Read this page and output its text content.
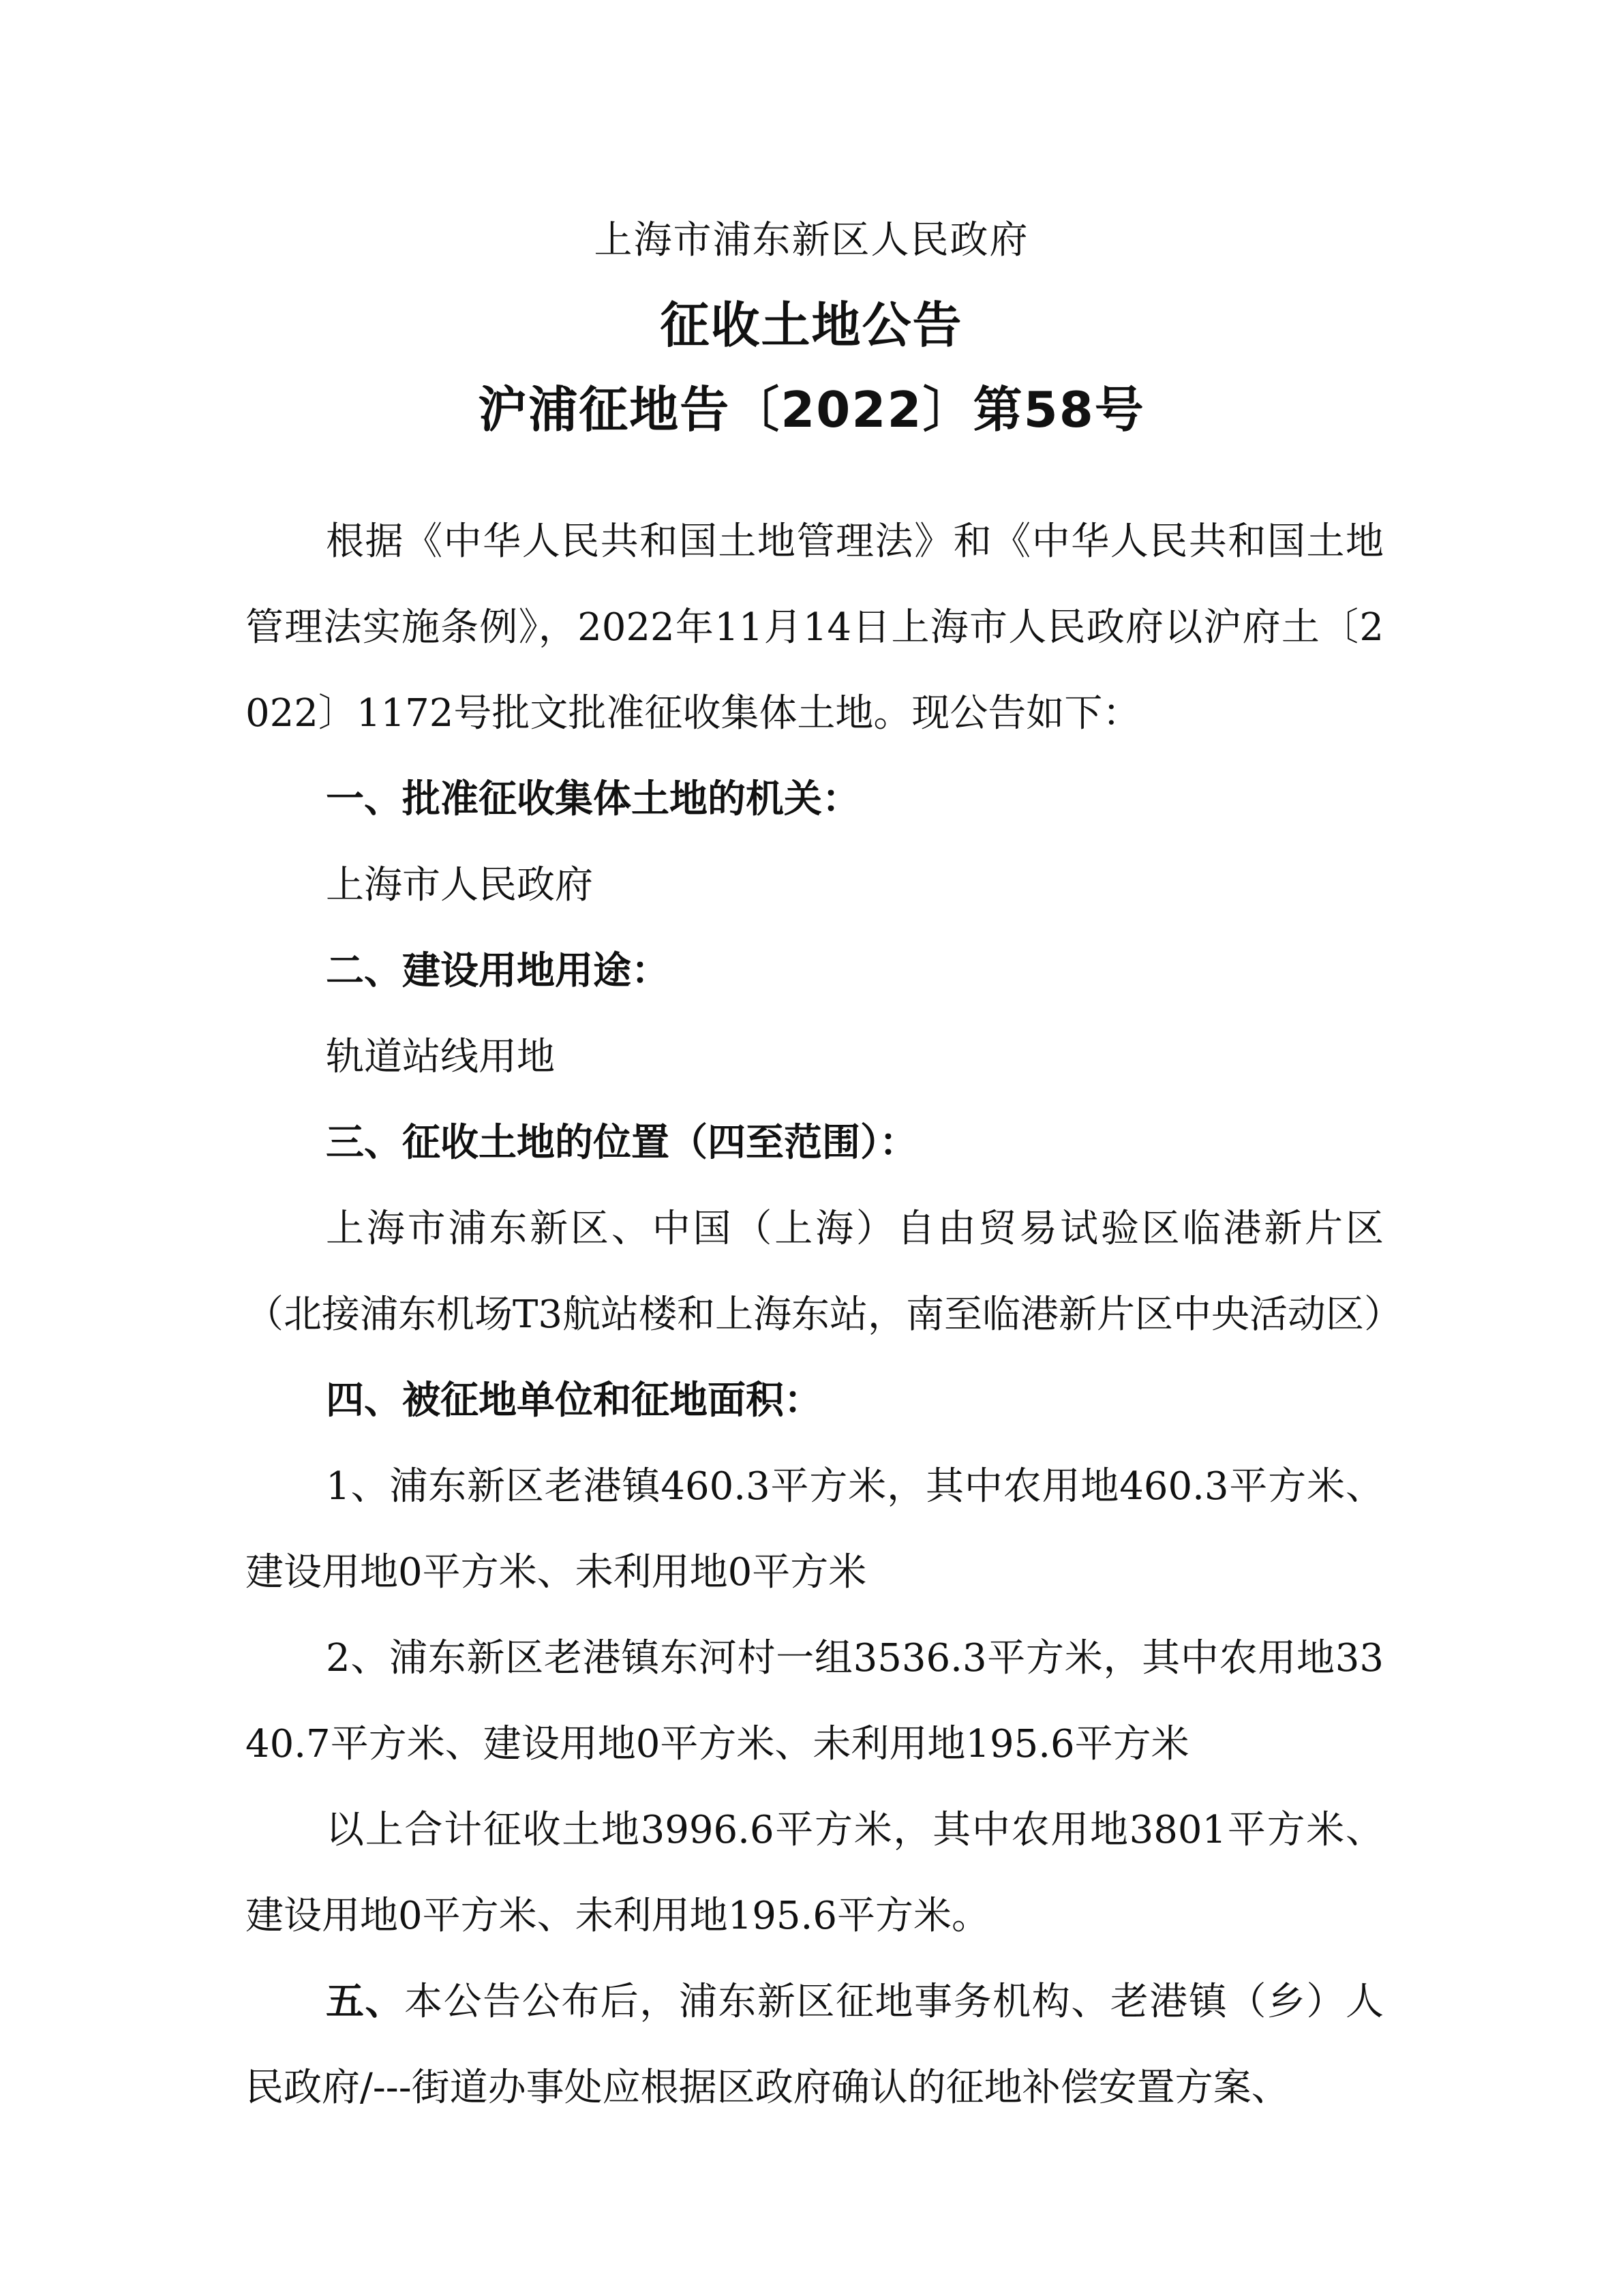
上海市浦东新区人民政府
征收土地公告
沪浦征地告〔2022〕第58号

根据《中华人民共和国土地管理法》和《中华人民共和国土地管理法实施条例》，2022年11月14日上海市人民政府以沪府土〔2022〕1172号批文批准征收集体土地。现公告如下：

一、批准征收集体土地的机关：

上海市人民政府

二、建设用地用途：

轨道站线用地

三、征收土地的位置（四至范围）：

上海市浦东新区、中国（上海）自由贸易试验区临港新片区（北接浦东机场T3航站楼和上海东站，南至临港新片区中央活动区）

四、被征地单位和征地面积：

1、浦东新区老港镇460.3平方米，其中农用地460.3平方米、建设用地0平方米、未利用地0平方米

2、浦东新区老港镇东河村一组3536.3平方米，其中农用地3340.7平方米、建设用地0平方米、未利用地195.6平方米

以上合计征收土地3996.6平方米，其中农用地3801平方米、建设用地0平方米、未利用地195.6平方米。

五、本公告公布后，浦东新区征地事务机构、老港镇（乡）人民政府/---街道办事处应根据区政府确认的征地补偿安置方案、
